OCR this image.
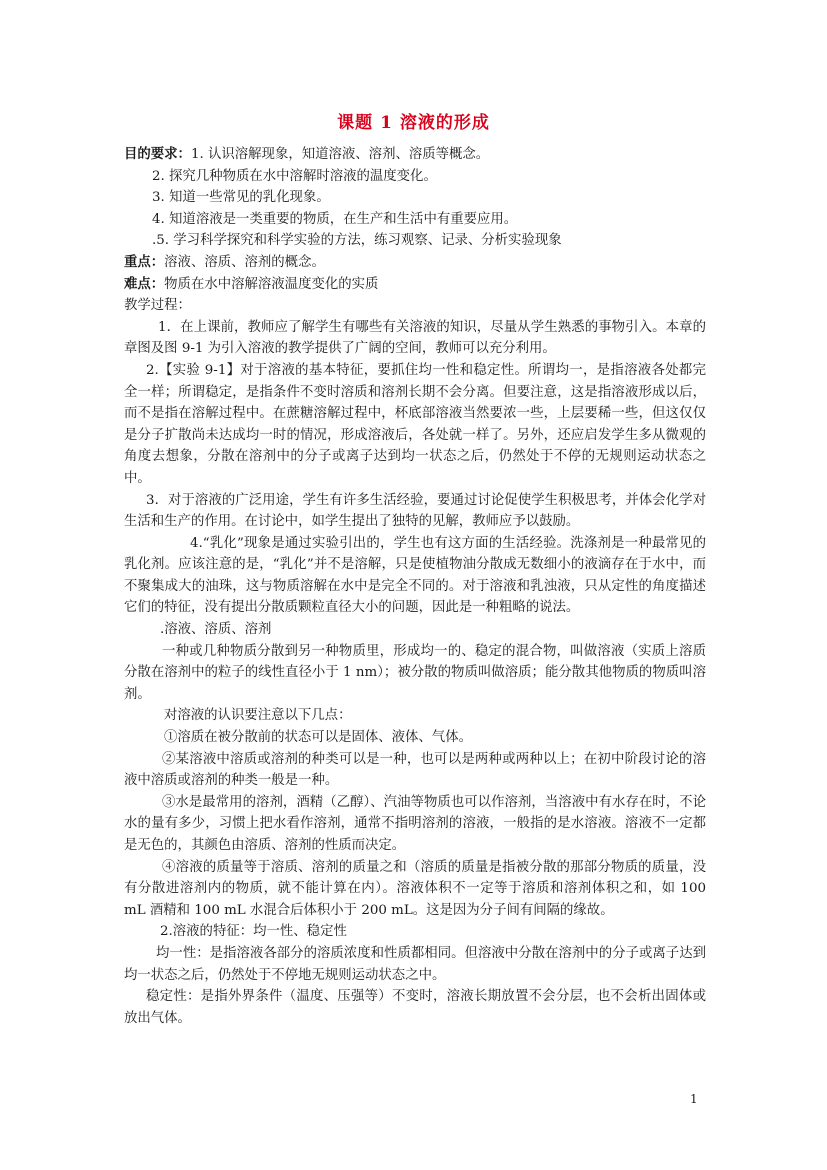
课题 1 溶液的形成

目的要求：1. 认识溶解现象，知道溶液、溶剂、溶质等概念。

2. 探究几种物质在水中溶解时溶液的温度变化。

3. 知道一些常见的乳化现象。

4. 知道溶液是一类重要的物质，在生产和生活中有重要应用。

.5. 学习科学探究和科学实验的方法，练习观察、记录、分析实验现象

重点：溶液、溶质、溶剂的概念。

难点：物质在水中溶解溶液温度变化的实质

教学过程：

1．在上课前，教师应了解学生有哪些有关溶液的知识，尽量从学生熟悉的事物引入。本章的章图及图 9-1 为引入溶液的教学提供了广阔的空间，教师可以充分利用。

2.【实验 9-1】对于溶液的基本特征，要抓住均一性和稳定性。所谓均一，是指溶液各处都完全一样；所谓稳定，是指条件不变时溶质和溶剂长期不会分离。但要注意，这是指溶液形成以后，而不是指在溶解过程中。在蔗糖溶解过程中，杯底部溶液当然要浓一些，上层要稀一些，但这仅仅是分子扩散尚未达成均一时的情况，形成溶液后，各处就一样了。另外，还应启发学生多从微观的角度去想象，分散在溶剂中的分子或离子达到均一状态之后，仍然处于不停的无规则运动状态之中。

3．对于溶液的广泛用途，学生有许多生活经验，要通过讨论促使学生积极思考，并体会化学对生活和生产的作用。在讨论中，如学生提出了独特的见解，教师应予以鼓励。

4.“乳化”现象是通过实验引出的，学生也有这方面的生活经验。洗涤剂是一种最常见的乳化剂。应该注意的是，“乳化”并不是溶解，只是使植物油分散成无数细小的液滴存在于水中，而不聚集成大的油珠，这与物质溶解在水中是完全不同的。对于溶液和乳浊液，只从定性的角度描述它们的特征，没有提出分散质颗粒直径大小的问题，因此是一种粗略的说法。

.溶液、溶质、溶剂

一种或几种物质分散到另一种物质里，形成均一的、稳定的混合物，叫做溶液（实质上溶质分散在溶剂中的粒子的线性直径小于 1 nm）；被分散的物质叫做溶质；能分散其他物质的物质叫溶剂。

对溶液的认识要注意以下几点：

①溶质在被分散前的状态可以是固体、液体、气体。

②某溶液中溶质或溶剂的种类可以是一种，也可以是两种或两种以上；在初中阶段讨论的溶液中溶质或溶剂的种类一般是一种。

③水是最常用的溶剂，酒精（乙醇）、汽油等物质也可以作溶剂，当溶液中有水存在时，不论水的量有多少，习惯上把水看作溶剂，通常不指明溶剂的溶液，一般指的是水溶液。溶液不一定都是无色的，其颜色由溶质、溶剂的性质而决定。

④溶液的质量等于溶质、溶剂的质量之和（溶质的质量是指被分散的那部分物质的质量，没有分散进溶剂内的物质，就不能计算在内）。溶液体积不一定等于溶质和溶剂体积之和，如 100 mL 酒精和 100 mL 水混合后体积小于 200 mL。这是因为分子间有间隔的缘故。

2.溶液的特征：均一性、稳定性

均一性：是指溶液各部分的溶质浓度和性质都相同。但溶液中分散在溶剂中的分子或离子达到均一状态之后，仍然处于不停地无规则运动状态之中。

稳定性：是指外界条件（温度、压强等）不变时，溶液长期放置不会分层，也不会析出固体或放出气体。

1
